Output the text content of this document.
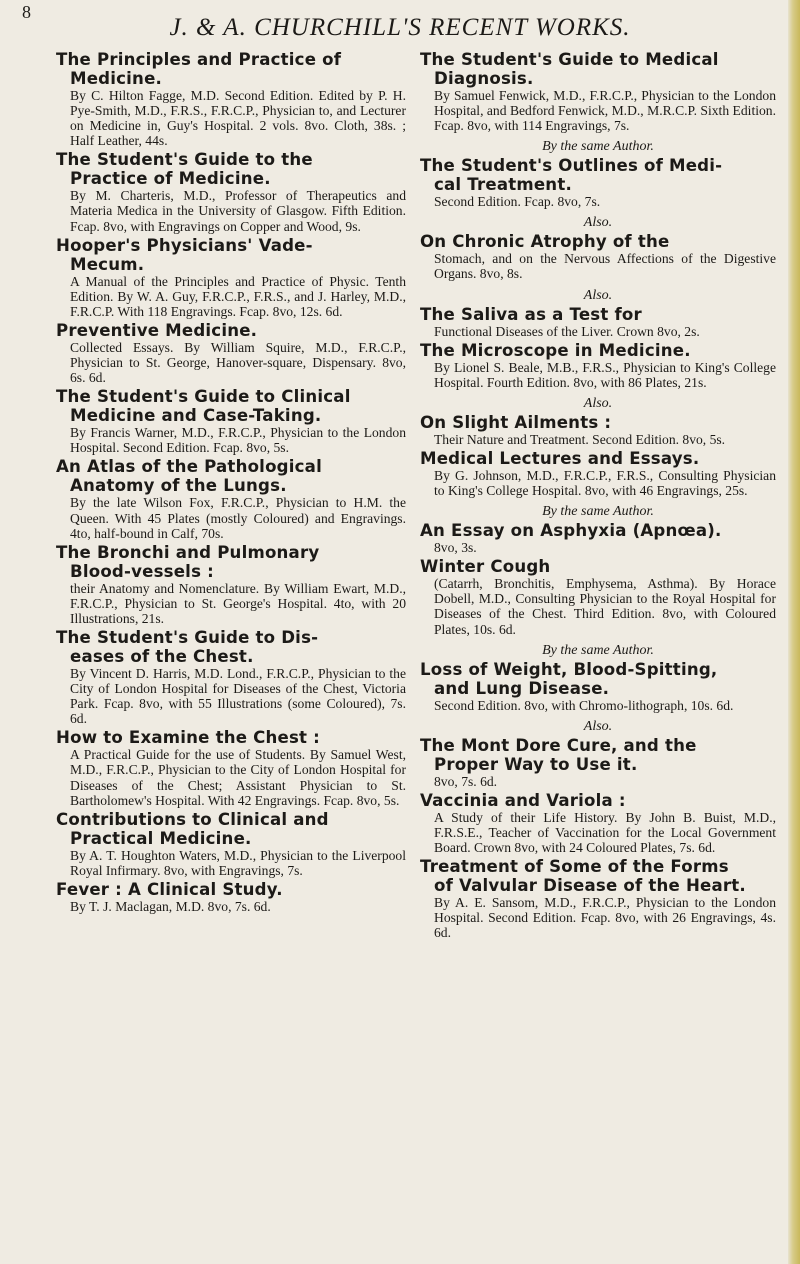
8
J. & A. CHURCHILL'S RECENT WORKS.
The Principles and Practice of
Medicine.
By C. Hilton Fagge, M.D. Second Edition. Edited by P. H. Pye-Smith, M.D., F.R.S., F.R.C.P., Physician to, and Lecturer on Medicine in, Guy's Hospital. 2 vols. 8vo. Cloth, 38s. ; Half Leather, 44s.
The Student's Guide to the
Practice of Medicine.
By M. Charteris, M.D., Professor of Therapeutics and Materia Medica in the University of Glasgow. Fifth Edition. Fcap. 8vo, with Engravings on Copper and Wood, 9s.
Hooper's Physicians' Vade-
Mecum.
A Manual of the Principles and Practice of Physic. Tenth Edition. By W. A. Guy, F.R.C.P., F.R.S., and J. Harley, M.D., F.R.C.P. With 118 Engravings. Fcap. 8vo, 12s. 6d.
Preventive Medicine.
Collected Essays. By William Squire, M.D., F.R.C.P., Physician to St. George, Hanover-square, Dispensary. 8vo, 6s. 6d.
The Student's Guide to Clinical
Medicine and Case-Taking.
By Francis Warner, M.D., F.R.C.P., Physician to the London Hospital. Second Edition. Fcap. 8vo, 5s.
An Atlas of the Pathological
Anatomy of the Lungs.
By the late Wilson Fox, F.R.C.P., Physician to H.M. the Queen. With 45 Plates (mostly Coloured) and Engravings. 4to, half-bound in Calf, 70s.
The Bronchi and Pulmonary
Blood-vessels :
their Anatomy and Nomenclature. By William Ewart, M.D., F.R.C.P., Physician to St. George's Hospital. 4to, with 20 Illustrations, 21s.
The Student's Guide to Dis-
eases of the Chest.
By Vincent D. Harris, M.D. Lond., F.R.C.P., Physician to the City of London Hospital for Diseases of the Chest, Victoria Park. Fcap. 8vo, with 55 Illustrations (some Coloured), 7s. 6d.
How to Examine the Chest :
A Practical Guide for the use of Students. By Samuel West, M.D., F.R.C.P., Physician to the City of London Hospital for Diseases of the Chest; Assistant Physician to St. Bartholomew's Hospital. With 42 Engravings. Fcap. 8vo, 5s.
Contributions to Clinical and
Practical Medicine.
By A. T. Houghton Waters, M.D., Physician to the Liverpool Royal Infirmary. 8vo, with Engravings, 7s.
Fever : A Clinical Study.
By T. J. Maclagan, M.D. 8vo, 7s. 6d.
The Student's Guide to Medical
Diagnosis.
By Samuel Fenwick, M.D., F.R.C.P., Physician to the London Hospital, and Bedford Fenwick, M.D., M.R.C.P. Sixth Edition. Fcap. 8vo, with 114 Engravings, 7s.
By the same Author.
The Student's Outlines of Medi-
cal Treatment.
Second Edition. Fcap. 8vo, 7s.
Also.
On Chronic Atrophy of the
Stomach, and on the Nervous Affections of the Digestive Organs. 8vo, 8s.
Also.
The Saliva as a Test for
Functional Diseases of the Liver. Crown 8vo, 2s.
The Microscope in Medicine.
By Lionel S. Beale, M.B., F.R.S., Physician to King's College Hospital. Fourth Edition. 8vo, with 86 Plates, 21s.
Also.
On Slight Ailments :
Their Nature and Treatment. Second Edition. 8vo, 5s.
Medical Lectures and Essays.
By G. Johnson, M.D., F.R.C.P., F.R.S., Consulting Physician to King's College Hospital. 8vo, with 46 Engravings, 25s.
By the same Author.
An Essay on Asphyxia (Apnœa).
8vo, 3s.
Winter Cough
(Catarrh, Bronchitis, Emphysema, Asthma). By Horace Dobell, M.D., Consulting Physician to the Royal Hospital for Diseases of the Chest. Third Edition. 8vo, with Coloured Plates, 10s. 6d.
By the same Author.
Loss of Weight, Blood-Spitting,
and Lung Disease.
Second Edition. 8vo, with Chromo-lithograph, 10s. 6d.
Also.
The Mont Dore Cure, and the
Proper Way to Use it.
8vo, 7s. 6d.
Vaccinia and Variola :
A Study of their Life History. By John B. Buist, M.D., F.R.S.E., Teacher of Vaccination for the Local Government Board. Crown 8vo, with 24 Coloured Plates, 7s. 6d.
Treatment of Some of the Forms
of Valvular Disease of the Heart.
By A. E. Sansom, M.D., F.R.C.P., Physician to the London Hospital. Second Edition. Fcap. 8vo, with 26 Engravings, 4s. 6d.
